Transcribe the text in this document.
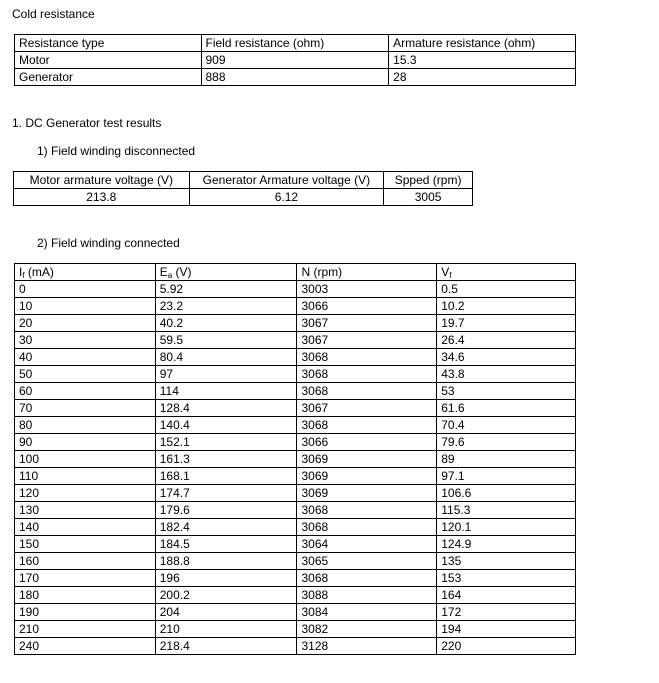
Cold resistance
Resistance type	Field resistance (ohm)	Armature resistance (ohm)
Motor	909	15.3
Generator	888	28
1. DC Generator test results
1) Field winding disconnected
Motor armature voltage (V)	Generator Armature voltage (V)	Spped (rpm)
213.8	6.12	3005
2) Field winding connected
$I_f$ (mA)	$E_a$ (V)	N (rpm)	$V_f$
0	5.92	3003	0.5
10	23.2	3066	10.2
20	40.2	3067	19.7
30	59.5	3067	26.4
40	80.4	3068	34.6
50	97	3068	43.8
60	114	3068	53
70	128.4	3067	61.6
80	140.4	3068	70.4
90	152.1	3066	79.6
100	161.3	3069	89
110	168.1	3069	97.1
120	174.7	3069	106.6
130	179.6	3068	115.3
140	182.4	3068	120.1
150	184.5	3064	124.9
160	188.8	3065	135
170	196	3068	153
180	200.2	3088	164
190	204	3084	172
210	210	3082	194
240	218.4	3128	220
